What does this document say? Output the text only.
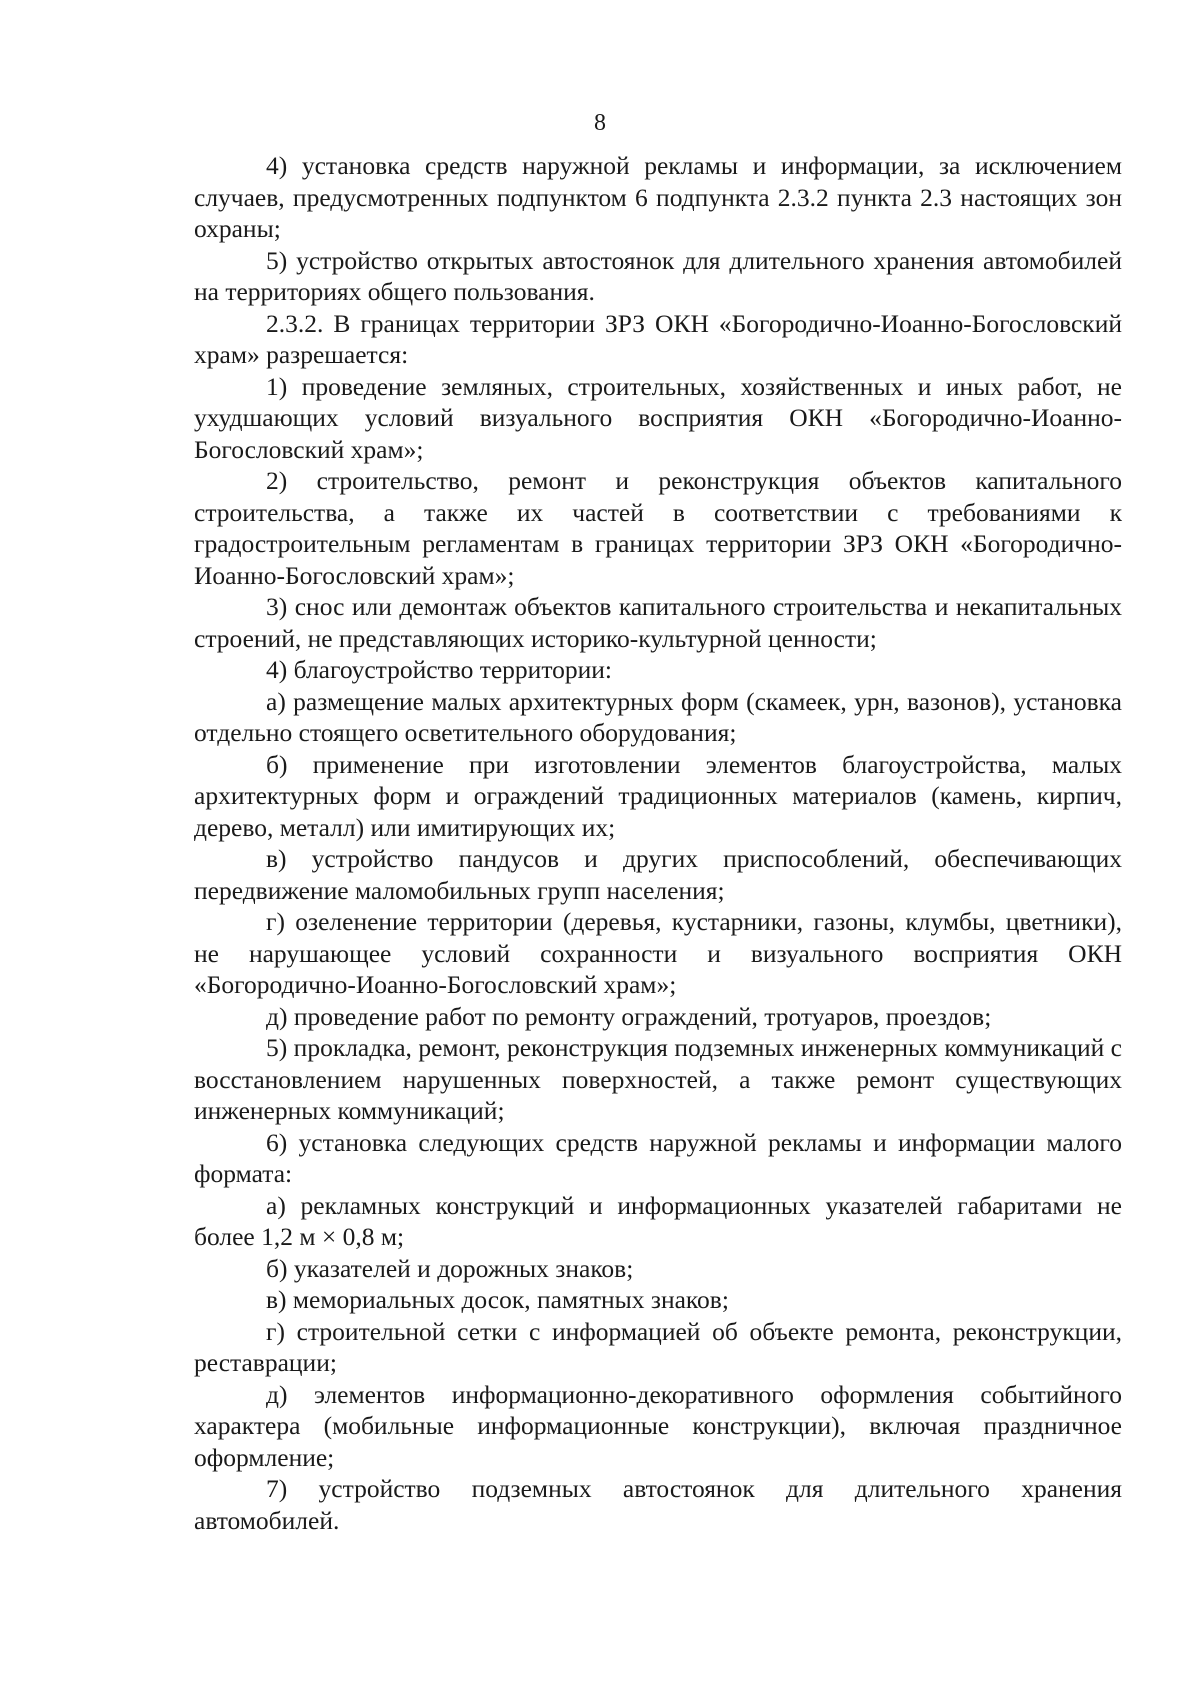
8

4) установка средств наружной рекламы и информации, за исключением случаев, предусмотренных подпунктом 6 подпункта 2.3.2 пункта 2.3 настоящих зон охраны;

5) устройство открытых автостоянок для длительного хранения автомобилей на территориях общего пользования.

2.3.2. В границах территории ЗРЗ ОКН «Богородично-Иоанно-Богословский храм» разрешается:

1) проведение земляных, строительных, хозяйственных и иных работ, не ухудшающих условий визуального восприятия ОКН «Богородично-Иоанно-Богословский храм»;

2) строительство, ремонт и реконструкция объектов капитального строительства, а также их частей в соответствии с требованиями к градостроительным регламентам в границах территории ЗРЗ ОКН «Богородично-Иоанно-Богословский храм»;

3) снос или демонтаж объектов капитального строительства и некапитальных строений, не представляющих историко-культурной ценности;

4) благоустройство территории:

а) размещение малых архитектурных форм (скамеек, урн, вазонов), установка отдельно стоящего осветительного оборудования;

б) применение при изготовлении элементов благоустройства, малых архитектурных форм и ограждений традиционных материалов (камень, кирпич, дерево, металл) или имитирующих их;

в) устройство пандусов и других приспособлений, обеспечивающих передвижение маломобильных групп населения;

г) озеленение территории (деревья, кустарники, газоны, клумбы, цветники), не нарушающее условий сохранности и визуального восприятия ОКН «Богородично-Иоанно-Богословский храм»;

д) проведение работ по ремонту ограждений, тротуаров, проездов;

5) прокладка, ремонт, реконструкция подземных инженерных коммуникаций с восстановлением нарушенных поверхностей, а также ремонт существующих инженерных коммуникаций;

6) установка следующих средств наружной рекламы и информации малого формата:

а) рекламных конструкций и информационных указателей габаритами не более 1,2 м × 0,8 м;

б) указателей и дорожных знаков;

в) мемориальных досок, памятных знаков;

г) строительной сетки с информацией об объекте ремонта, реконструкции, реставрации;

д) элементов информационно-декоративного оформления событийного характера (мобильные информационные конструкции), включая праздничное оформление;

7) устройство подземных автостоянок для длительного хранения автомобилей.
